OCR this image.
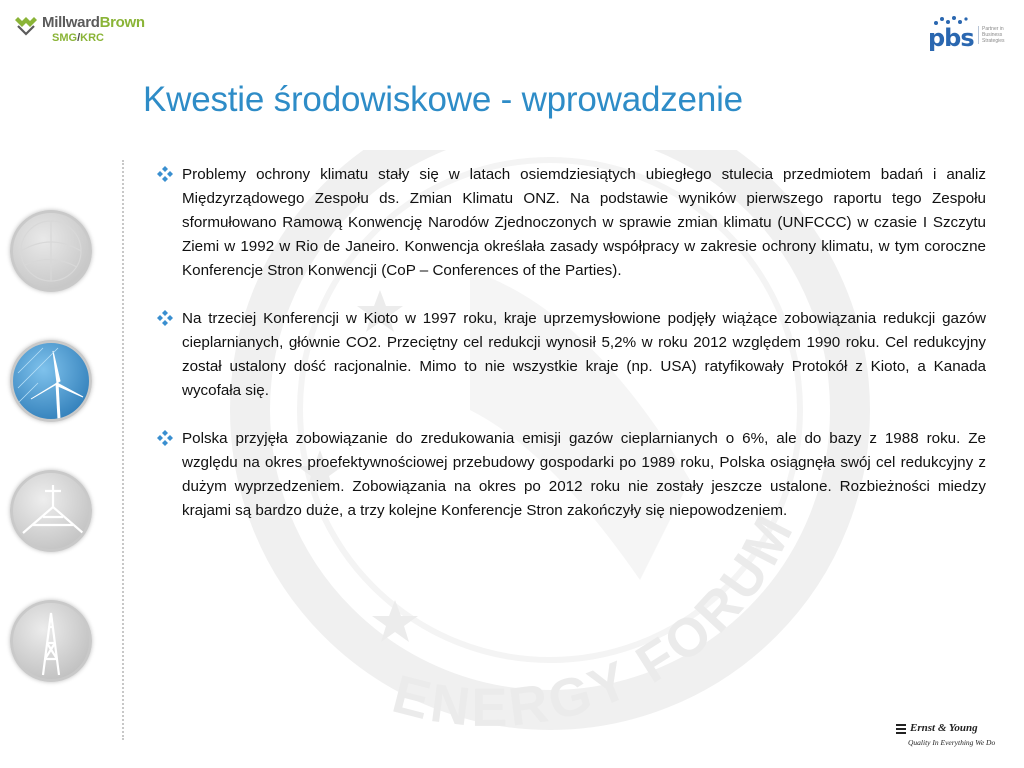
ENERGY FORUM
MillwardBrown
SMG/KRC	pbs	Partner in Business Strategies
Kwestie środowiskowe - wprowadzenie

Problemy ochrony klimatu stały się w latach osiemdziesiątych ubiegłego stulecia przedmiotem badań i analiz Międzyrządowego Zespołu ds. Zmian Klimatu ONZ. Na podstawie wyników pierwszego raportu tego Zespołu sformułowano Ramową Konwencję Narodów Zjednoczonych w sprawie zmian klimatu (UNFCCC) w czasie I Szczytu Ziemi w 1992 w Rio de Janeiro. Konwencja określała zasady współpracy w zakresie ochrony klimatu, w tym coroczne Konferencje Stron Konwencji (CoP – Conferences of the Parties).

Na trzeciej Konferencji w Kioto w 1997 roku, kraje uprzemysłowione podjęły wiążące zobowiązania redukcji gazów cieplarnianych, głównie CO2. Przeciętny cel redukcji wynosił 5,2% w roku 2012 względem 1990 roku. Cel redukcyjny został ustalony dość racjonalnie. Mimo to nie wszystkie kraje (np. USA) ratyfikowały Protokół z Kioto, a Kanada wycofała się.

Polska przyjęła zobowiązanie do zredukowania emisji gazów cieplarnianych o 6%, ale do bazy z 1988 roku. Ze względu na okres proefektywnościowej przebudowy gospodarki po 1989 roku, Polska osiągnęła swój cel redukcyjny z dużym wyprzedzeniem. Zobowiązania na okres po 2012 roku nie zostały jeszcze ustalone. Rozbieżności miedzy krajami są bardzo duże, a trzy kolejne Konferencje Stron zakończyły się niepowodzeniem.

Ernst & Young
Quality In Everything We Do
